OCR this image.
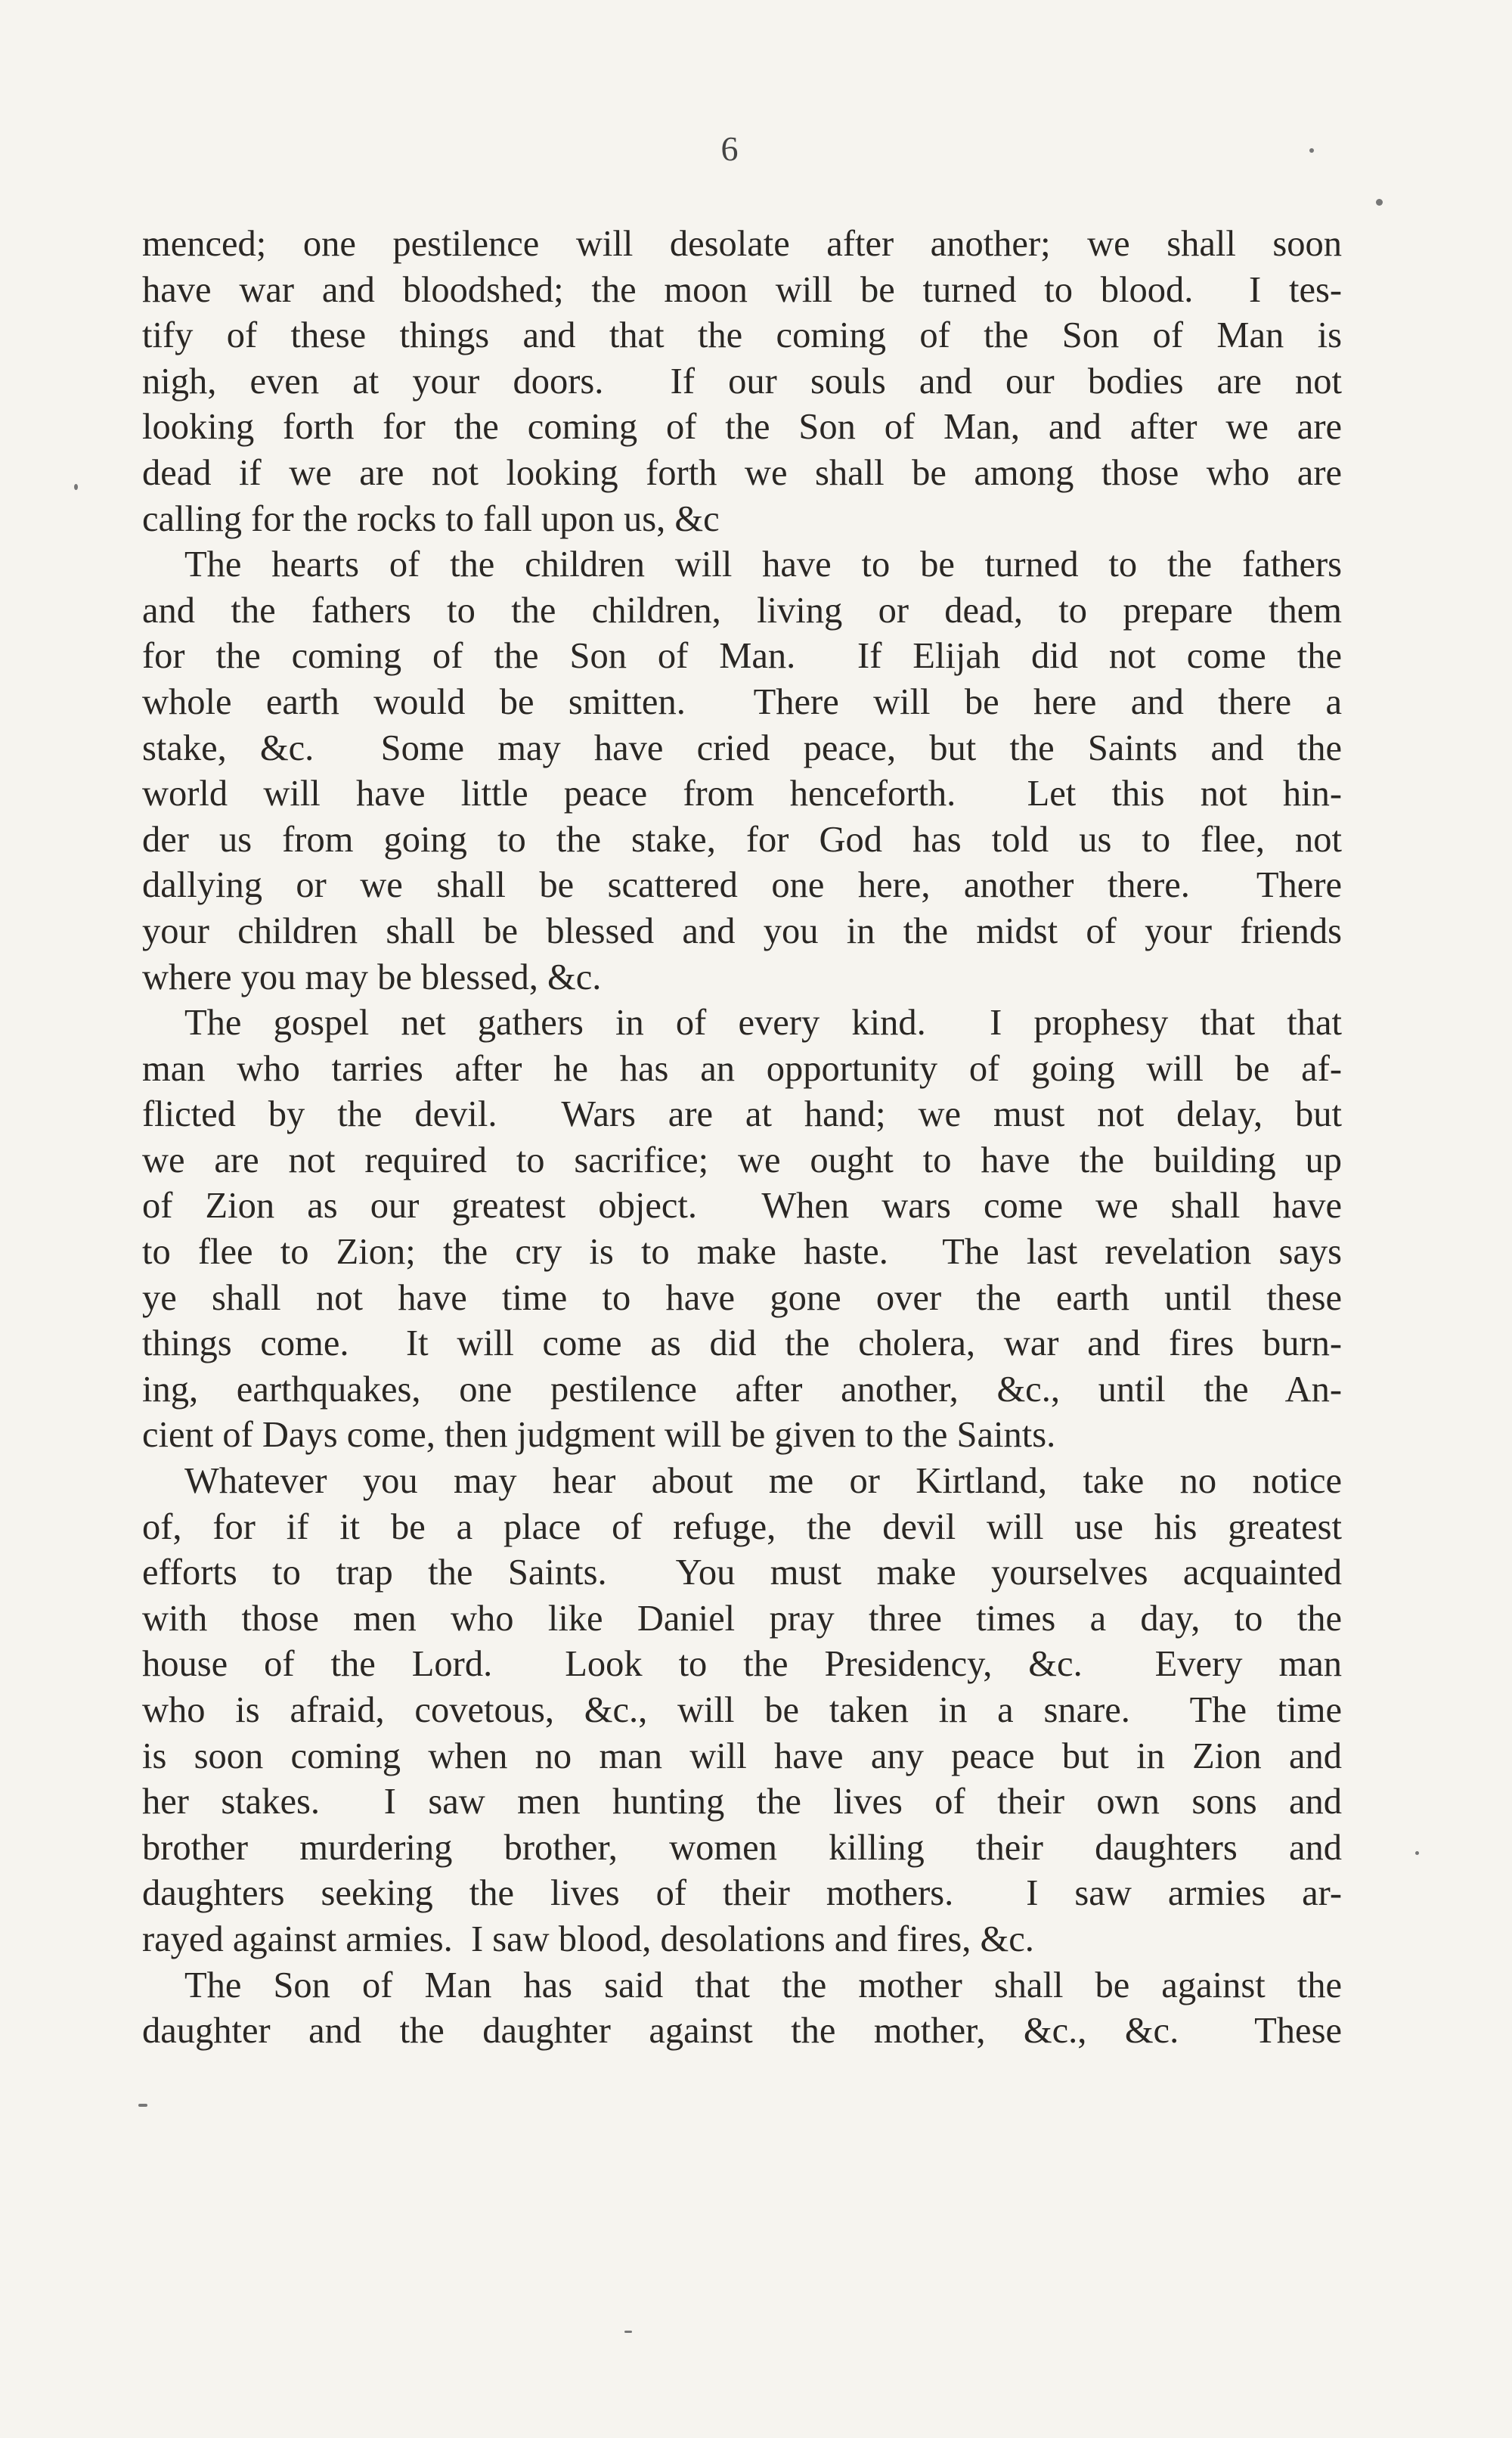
6
menced; one pestilence will desolate after another; we shall soon
have war and bloodshed; the moon will be turned to blood.  I tes-
tify of these things and that the coming of the Son of Man is
nigh, even at your doors.  If our souls and our bodies are not
looking forth for the coming of the Son of Man, and after we are
dead if we are not looking forth we shall be among those who are
calling for the rocks to fall upon us, &c
The hearts of the children will have to be turned to the fathers
and the fathers to the children, living or dead, to prepare them
for the coming of the Son of Man.  If Elijah did not come the
whole earth would be smitten.  There will be here and there a
stake, &c.  Some may have cried peace, but the Saints and the
world will have little peace from henceforth.  Let this not hin-
der us from going to the stake, for God has told us to flee, not
dallying or we shall be scattered one here, another there.  There
your children shall be blessed and you in the midst of your friends
where you may be blessed, &c.
The gospel net gathers in of every kind.  I prophesy that that
man who tarries after he has an opportunity of going will be af-
flicted by the devil.  Wars are at hand; we must not delay, but
we are not required to sacrifice; we ought to have the building up
of Zion as our greatest object.  When wars come we shall have
to flee to Zion; the cry is to make haste.  The last revelation says
ye shall not have time to have gone over the earth until these
things come.  It will come as did the cholera, war and fires burn-
ing, earthquakes, one pestilence after another, &c., until the An-
cient of Days come, then judgment will be given to the Saints.
Whatever you may hear about me or Kirtland, take no notice
of, for if it be a place of refuge, the devil will use his greatest
efforts to trap the Saints.  You must make yourselves acquainted
with those men who like Daniel pray three times a day, to the
house of the Lord.  Look to the Presidency, &c.  Every man
who is afraid, covetous, &c., will be taken in a snare.  The time
is soon coming when no man will have any peace but in Zion and
her stakes.  I saw men hunting the lives of their own sons and
brother murdering brother, women killing their daughters and
daughters seeking the lives of their mothers.  I saw armies ar-
rayed against armies.  I saw blood, desolations and fires, &c.
The Son of Man has said that the mother shall be against the
daughter and the daughter against the mother, &c., &c.  These
